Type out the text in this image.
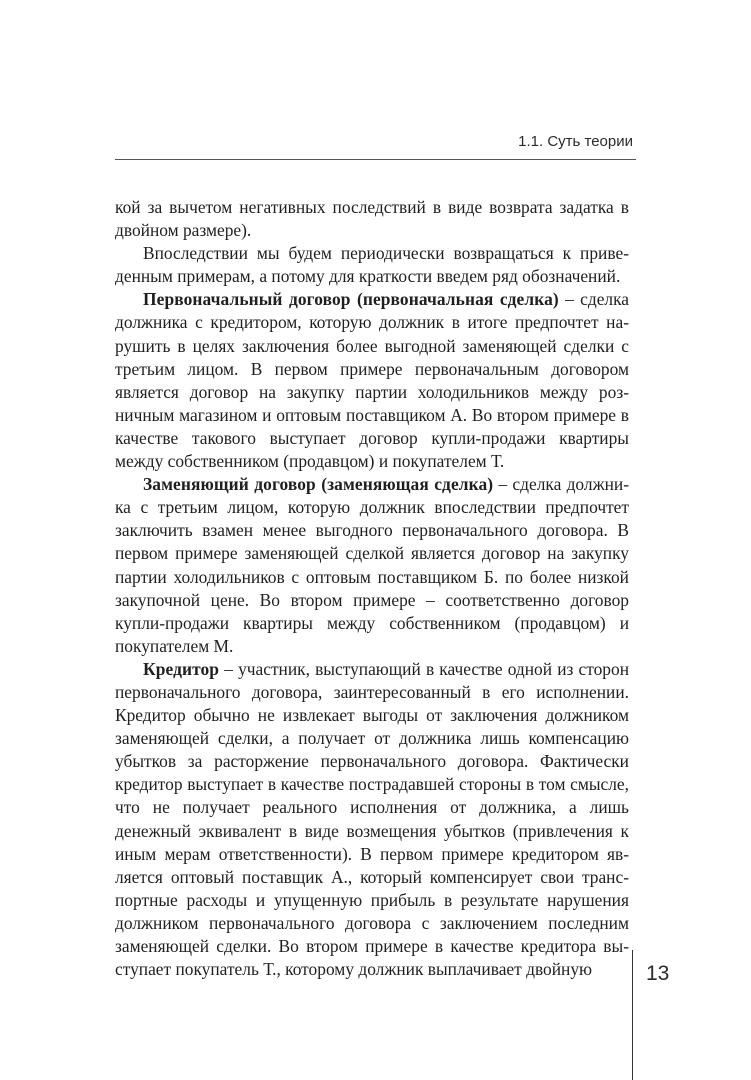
1.1. Суть теории

кой за вычетом негативных последствий в виде возврата задатка в двойном размере).

Впоследствии мы будем периодически возвращаться к приведенным примерам, а потому для краткости введем ряд обозначений.

Первоначальный договор (первоначальная сделка) – сделка должника с кредитором, которую должник в итоге предпочтет нарушить в целях заключения более выгодной заменяющей сделки с третьим лицом. В первом примере первоначальным договором является договор на закупку партии холодильников между розничным магазином и оптовым поставщиком А. Во втором примере в качестве такового выступает договор купли-продажи квартиры между собственником (продавцом) и покупателем Т.

Заменяющий договор (заменяющая сделка) – сделка должника с третьим лицом, которую должник впоследствии предпочтет заключить взамен менее выгодного первоначального договора. В первом примере заменяющей сделкой является договор на закупку партии холодильников с оптовым поставщиком Б. по более низкой закупочной цене. Во втором примере – соответственно договор купли-продажи квартиры между собственником (продавцом) и покупателем М.

Кредитор – участник, выступающий в качестве одной из сторон первоначального договора, заинтересованный в его исполнении. Кредитор обычно не извлекает выгоды от заключения должником заменяющей сделки, а получает от должника лишь компенсацию убытков за расторжение первоначального договора. Фактически кредитор выступает в качестве пострадавшей стороны в том смысле, что не получает реального исполнения от должника, а лишь денежный эквивалент в виде возмещения убытков (привлечения к иным мерам ответственности). В первом примере кредитором является оптовый поставщик А., который компенсирует свои транспортные расходы и упущенную прибыль в результате нарушения должником первоначального договора с заключением последним заменяющей сделки. Во втором примере в качестве кредитора выступает покупатель Т., которому должник выплачивает двойную	13
